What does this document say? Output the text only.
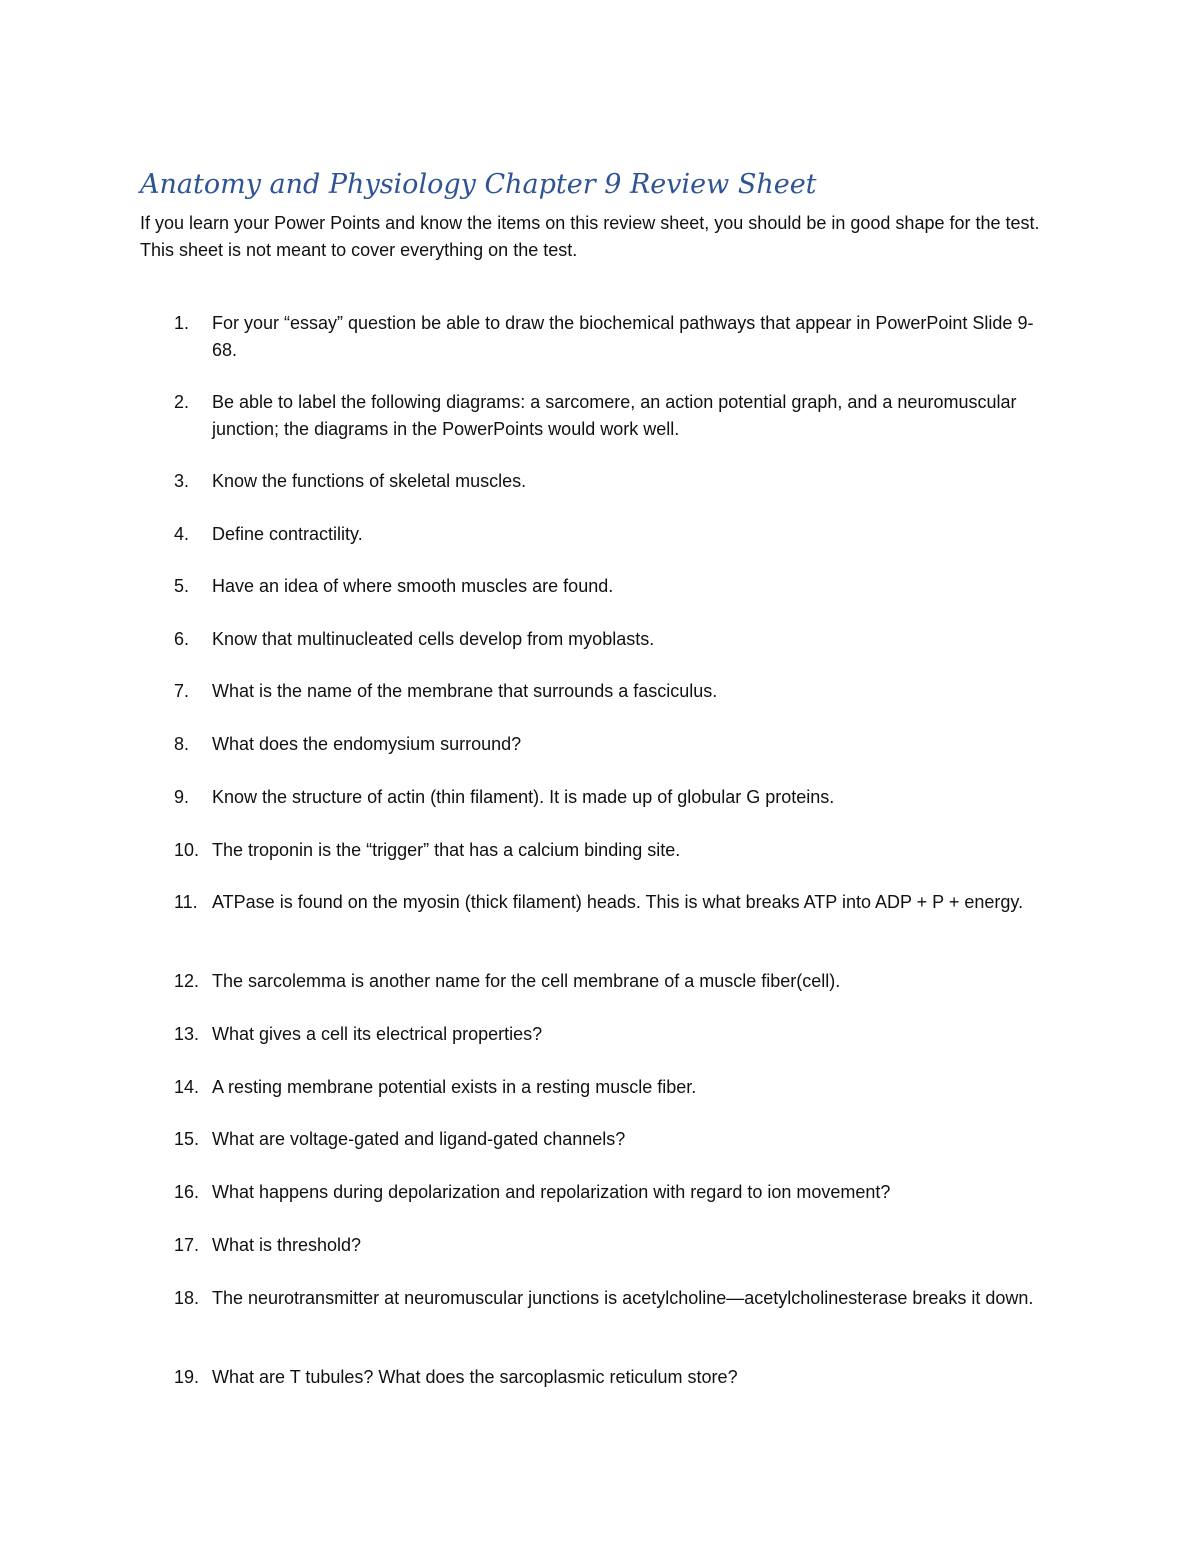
Anatomy and Physiology Chapter 9 Review Sheet

If you learn your Power Points and know the items on this review sheet, you should be in good shape for the test. This sheet is not meant to cover everything on the test.

1.	For your “essay” question be able to draw the biochemical pathways that appear in PowerPoint Slide 9-68.
2.	Be able to label the following diagrams: a sarcomere, an action potential graph, and a neuromuscular junction; the diagrams in the PowerPoints would work well.
3.	Know the functions of skeletal muscles.
4.	Define contractility.
5.	Have an idea of where smooth muscles are found.
6.	Know that multinucleated cells develop from myoblasts.
7.	What is the name of the membrane that surrounds a fasciculus.
8.	What does the endomysium surround?
9.	Know the structure of actin (thin filament). It is made up of globular G proteins.
10. The troponin is the “trigger” that has a calcium binding site.
11. ATPase is found on the myosin (thick filament) heads. This is what breaks ATP into ADP + P + energy.
12. The sarcolemma is another name for the cell membrane of a muscle fiber(cell).
13. What gives a cell its electrical properties?
14. A resting membrane potential exists in a resting muscle fiber.
15. What are voltage-gated and ligand-gated channels?
16. What happens during depolarization and repolarization with regard to ion movement?
17. What is threshold?
18. The neurotransmitter at neuromuscular junctions is acetylcholine—acetylcholinesterase breaks it down.
19. What are T tubules? What does the sarcoplasmic reticulum store?
